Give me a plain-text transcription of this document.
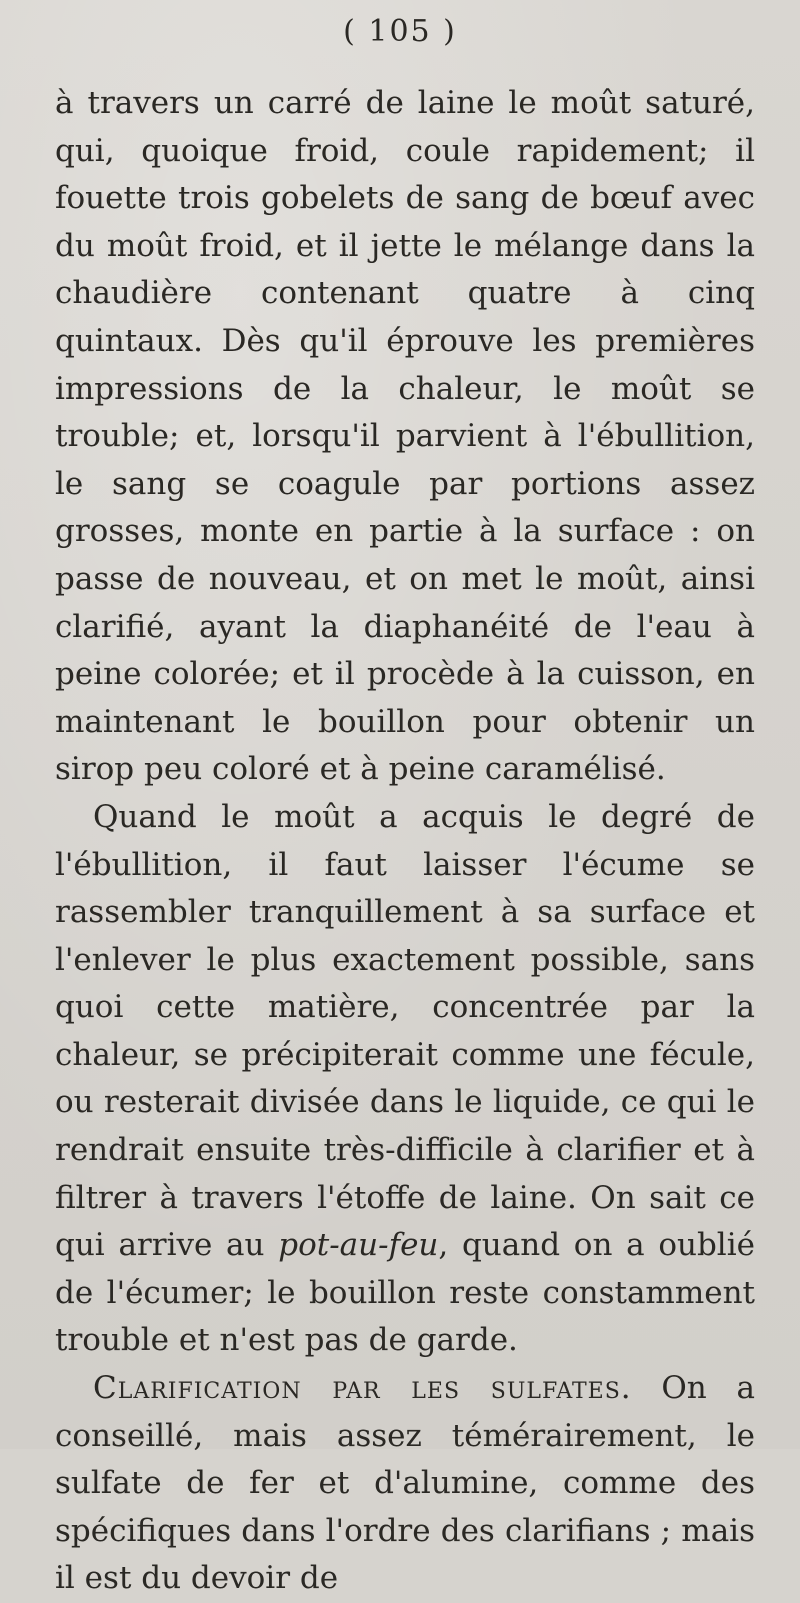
( 105 )

à travers un carré de laine le moût saturé, qui, quoique froid, coule rapidement; il fouette trois gobelets de sang de bœuf avec du moût froid, et il jette le mélange dans la chaudière contenant quatre à cinq quintaux. Dès qu'il éprouve les premières impressions de la chaleur, le moût se trouble; et, lorsqu'il parvient à l'ébullition, le sang se coagule par portions assez grosses, monte en partie à la surface : on passe de nouveau, et on met le moût, ainsi clarifié, ayant la diaphanéité de l'eau à peine colorée; et il procède à la cuisson, en maintenant le bouillon pour obtenir un sirop peu coloré et à peine caramélisé.

Quand le moût a acquis le degré de l'ébullition, il faut laisser l'écume se rassembler tranquillement à sa surface et l'enlever le plus exactement possible, sans quoi cette matière, concentrée par la chaleur, se précipiterait comme une fécule, ou resterait divisée dans le liquide, ce qui le rendrait ensuite très-difficile à clarifier et à filtrer à travers l'étoffe de laine. On sait ce qui arrive au pot-au-feu, quand on a oublié de l'écumer; le bouillon reste constamment trouble et n'est pas de garde.

Clarification par les sulfates. On a conseillé, mais assez témérairement, le sulfate de fer et d'alumine, comme des spécifiques dans l'ordre des clarifians ; mais il est du devoir de
